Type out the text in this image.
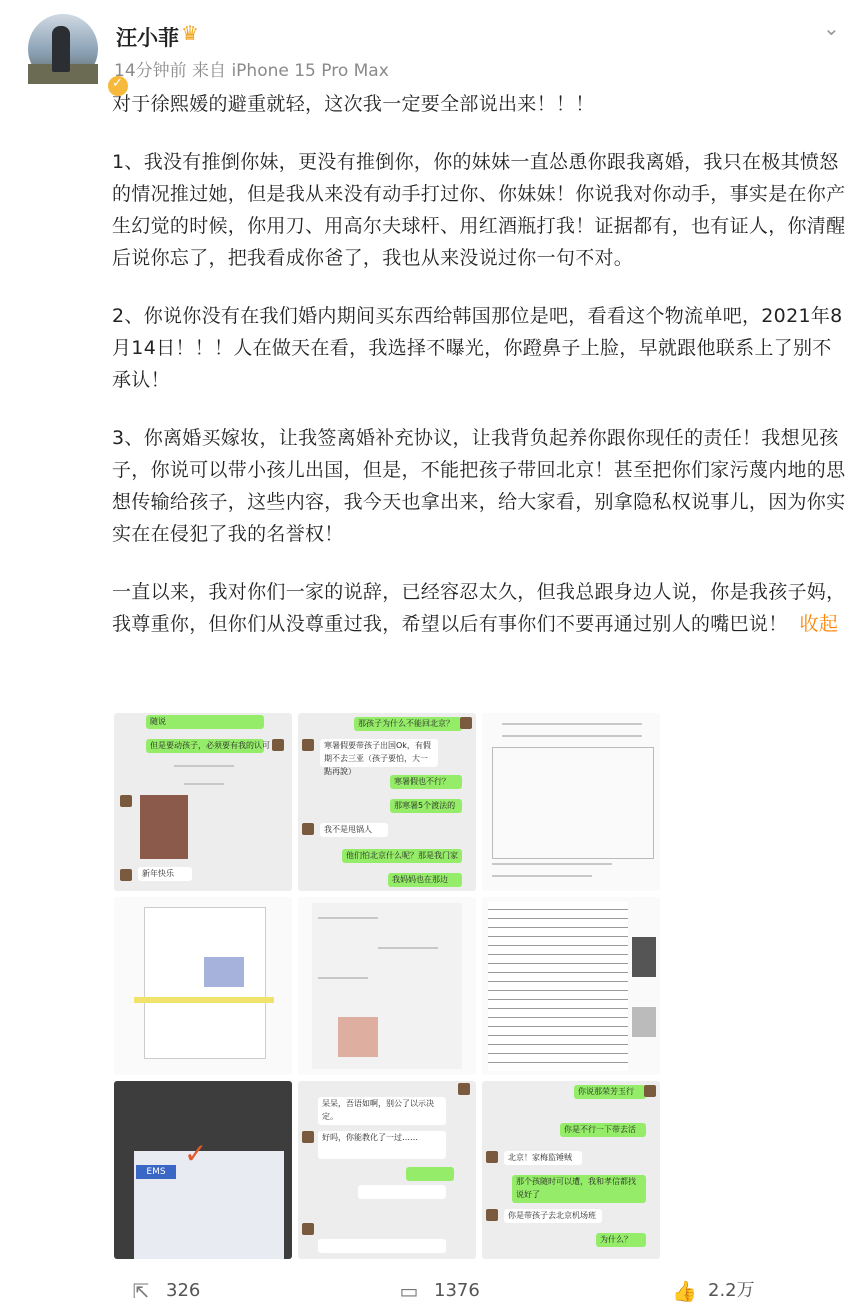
✓
汪小菲 ♛
14分钟前 来自 iPhone 15 Pro Max
⌄

对于徐熙媛的避重就轻，这次我一定要全部说出来！！！

1、我没有推倒你妹，更没有推倒你，你的妹妹一直怂恿你跟我离婚，我只在极其愤怒的情况推过她，但是我从来没有动手打过你、你妹妹！你说我对你动手，事实是在你产生幻觉的时候，你用刀、用高尔夫球杆、用红酒瓶打我！证据都有，也有证人，你清醒后说你忘了，把我看成你爸了，我也从来没说过你一句不对。

2、你说你没有在我们婚内期间买东西给韩国那位是吧，看看这个物流单吧，2021年8月14日！！！人在做天在看，我选择不曝光，你蹬鼻子上脸，早就跟他联系上了别不承认！

3、你离婚买嫁妆，让我签离婚补充协议，让我背负起养你跟你现任的责任！我想见孩子，你说可以带小孩儿出国，但是，不能把孩子带回北京！甚至把你们家污蔑内地的思想传输给孩子，这些内容，我今天也拿出来，给大家看，别拿隐私权说事儿，因为你实实在在侵犯了我的名誉权！

一直以来，我对你们一家的说辞，已经容忍太久，但我总跟身边人说，你是我孩子妈，我尊重你，但你们从没尊重过我，希望以后有事你们不要再通过别人的嘴巴说！ 收起

随说
但是要动孩子，必须要有我的认可
新年快乐
那孩子为什么不能回北京？
寒暑假要带孩子出国Ok，有假期不去三亚（孩子要怕，大一點再說）
寒暑假也不行？
那寒暑5个渡法的
我不是甩锅人
他们怕北京什么呢？那是我门家
我妈妈也在那边
EMS
✓
呆呆，吾语如啊，别公了以示决定。
好吗，你能教化了一过……
你说那荣芳玉行
你是不行一下带去活
北京！家梅监锤贼
那个孩随时可以遭，我和孝信都找说好了
你是带孩子去北京机场班
为什么？
⇱ 326	▭ 1376	👍 2.2万
